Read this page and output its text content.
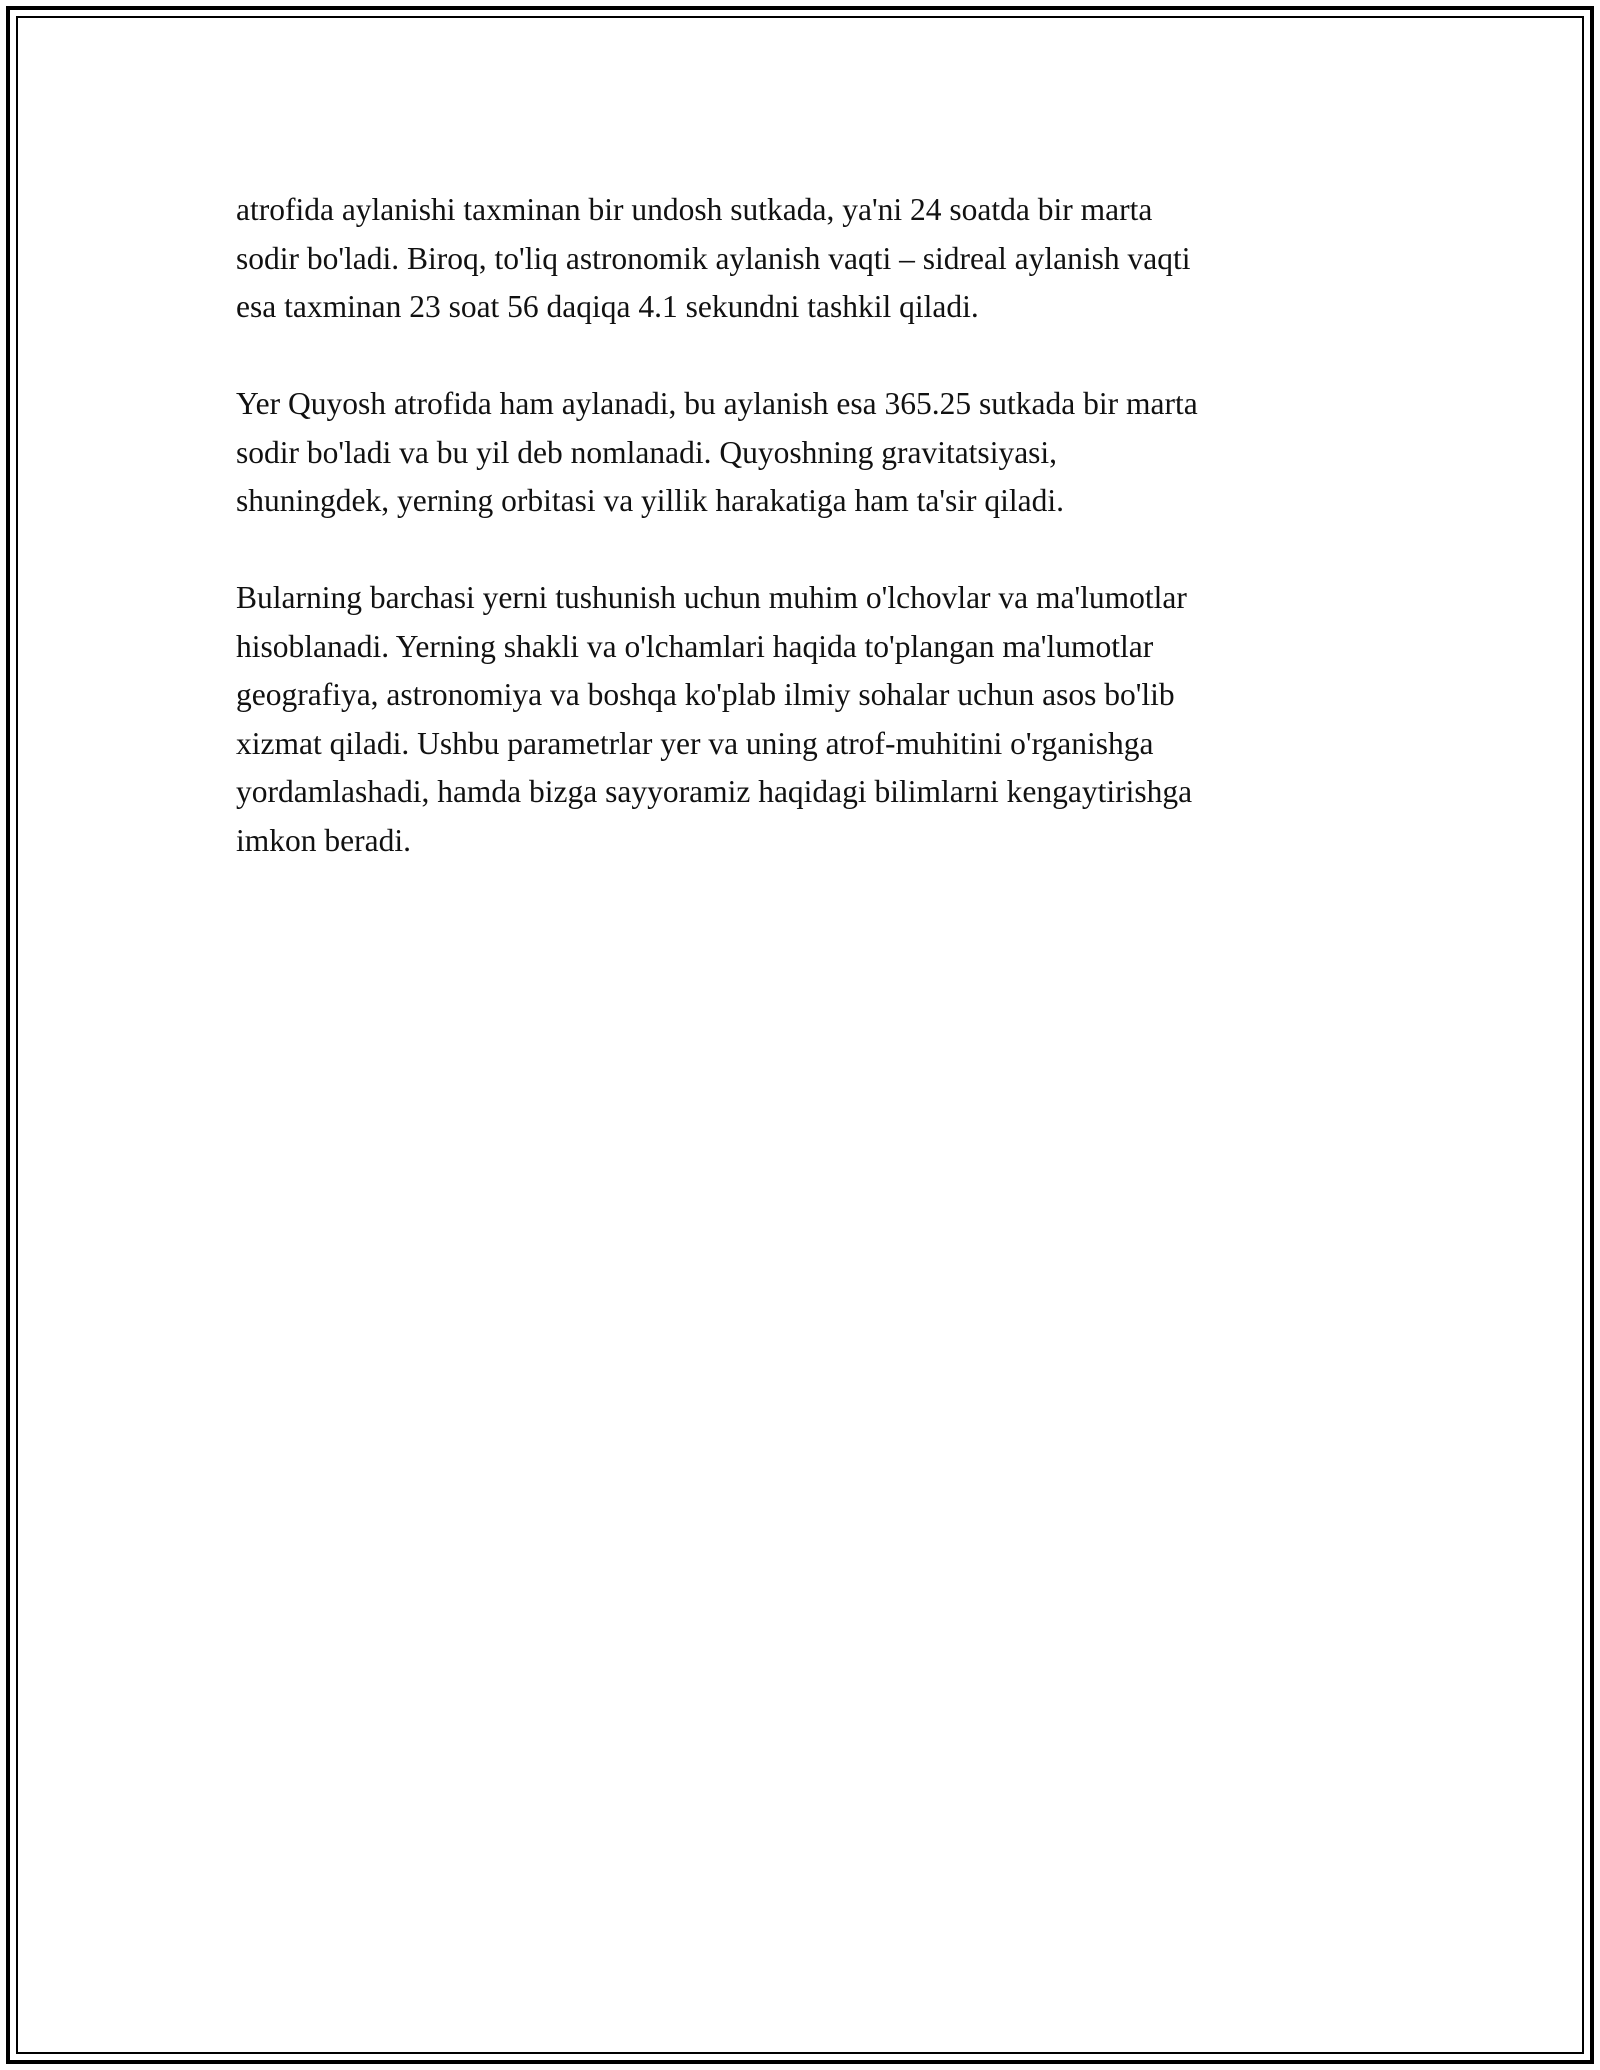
atrofida aylanishi taxminan bir undosh sutkada, ya'ni 24 soatda bir marta
sodir bo'ladi. Biroq, to'liq astronomik aylanish vaqti – sidreal aylanish vaqti
esa taxminan 23 soat 56 daqiqa 4.1 sekundni tashkil qiladi.

Yer Quyosh atrofida ham aylanadi, bu aylanish esa 365.25 sutkada bir marta
sodir bo'ladi va bu yil deb nomlanadi. Quyoshning gravitatsiyasi,
shuningdek, yerning orbitasi va yillik harakatiga ham ta'sir qiladi.

Bularning barchasi yerni tushunish uchun muhim o'lchovlar va ma'lumotlar
hisoblanadi. Yerning shakli va o'lchamlari haqida to'plangan ma'lumotlar
geografiya, astronomiya va boshqa ko'plab ilmiy sohalar uchun asos bo'lib
xizmat qiladi. Ushbu parametrlar yer va uning atrof-muhitini o'rganishga
yordamlashadi, hamda bizga sayyoramiz haqidagi bilimlarni kengaytirishga
imkon beradi.
